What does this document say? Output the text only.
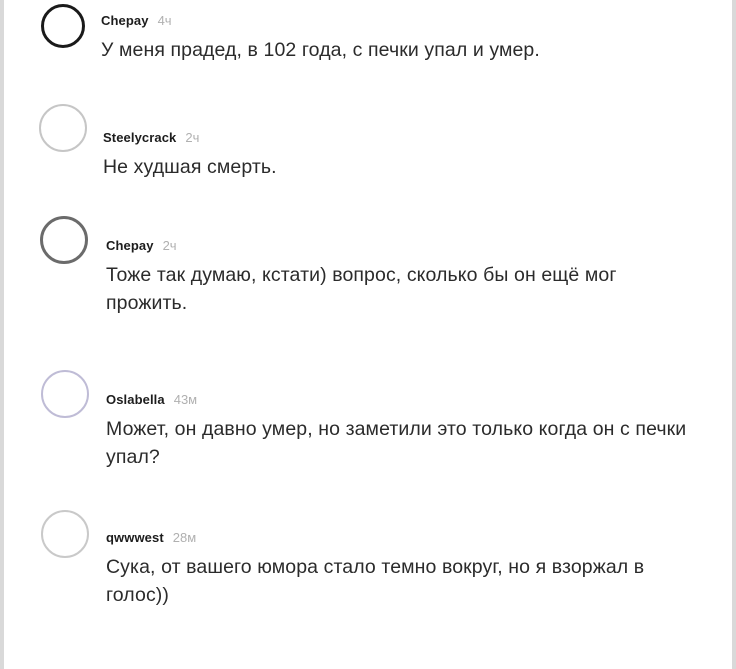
Chepay 4ч
У меня прадед, в 102 года, с печки упал и умер.
Steelycrack 2ч
Не худшая смерть.
Chepay 2ч
Тоже так думаю, кстати) вопрос, сколько бы он ещё мог прожить.
Oslabella 43м
Может, он давно умер, но заметили это только когда он с печки упал?
qwwwest 28м
Сука, от вашего юмора стало темно вокруг, но я взоржал в голос))
